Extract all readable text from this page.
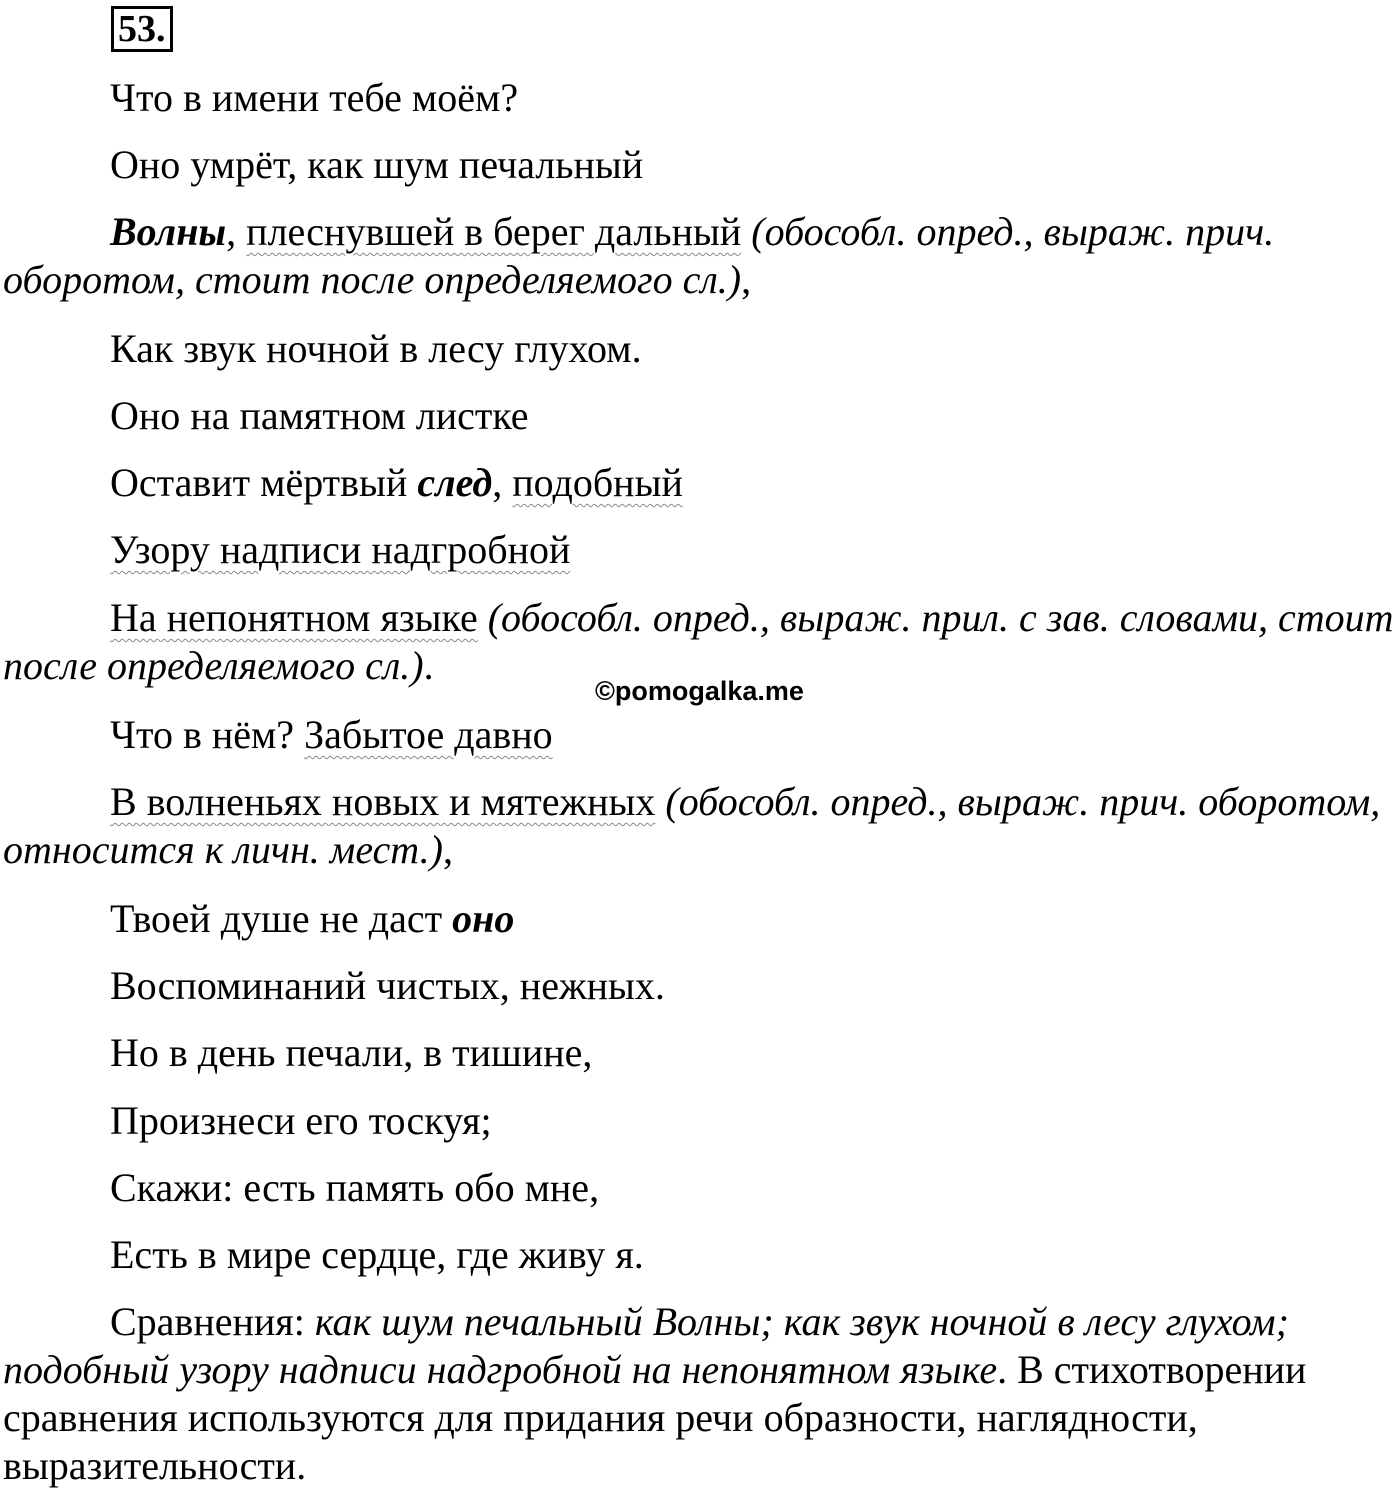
53.
Что в имени тебе моём?
Оно умрёт, как шум печальный
Волны, плеснувшей в берег дальный (обособл. опред., выраж. прич. оборотом, стоит после определяемого сл.),
Как звук ночной в лесу глухом.
Оно на памятном листке
Оставит мёртвый след, подобный
Узору надписи надгробной
На непонятном языке (обособл. опред., выраж. прил. с зав. словами, стоит после определяемого сл.).
©pomogalka.me
Что в нём? Забытое давно
В волненьях новых и мятежных (обособл. опред., выраж. прич. оборотом, относится к личн. мест.),
Твоей душе не даст оно
Воспоминаний чистых, нежных.
Но в день печали, в тишине,
Произнеси его тоскуя;
Скажи: есть память обо мне,
Есть в мире сердце, где живу я.
Сравнения: как шум печальный Волны; как звук ночной в лесу глухом; подобный узору надписи надгробной на непонятном языке. В стихотворении сравнения используются для придания речи образности, наглядности, выразительности.
